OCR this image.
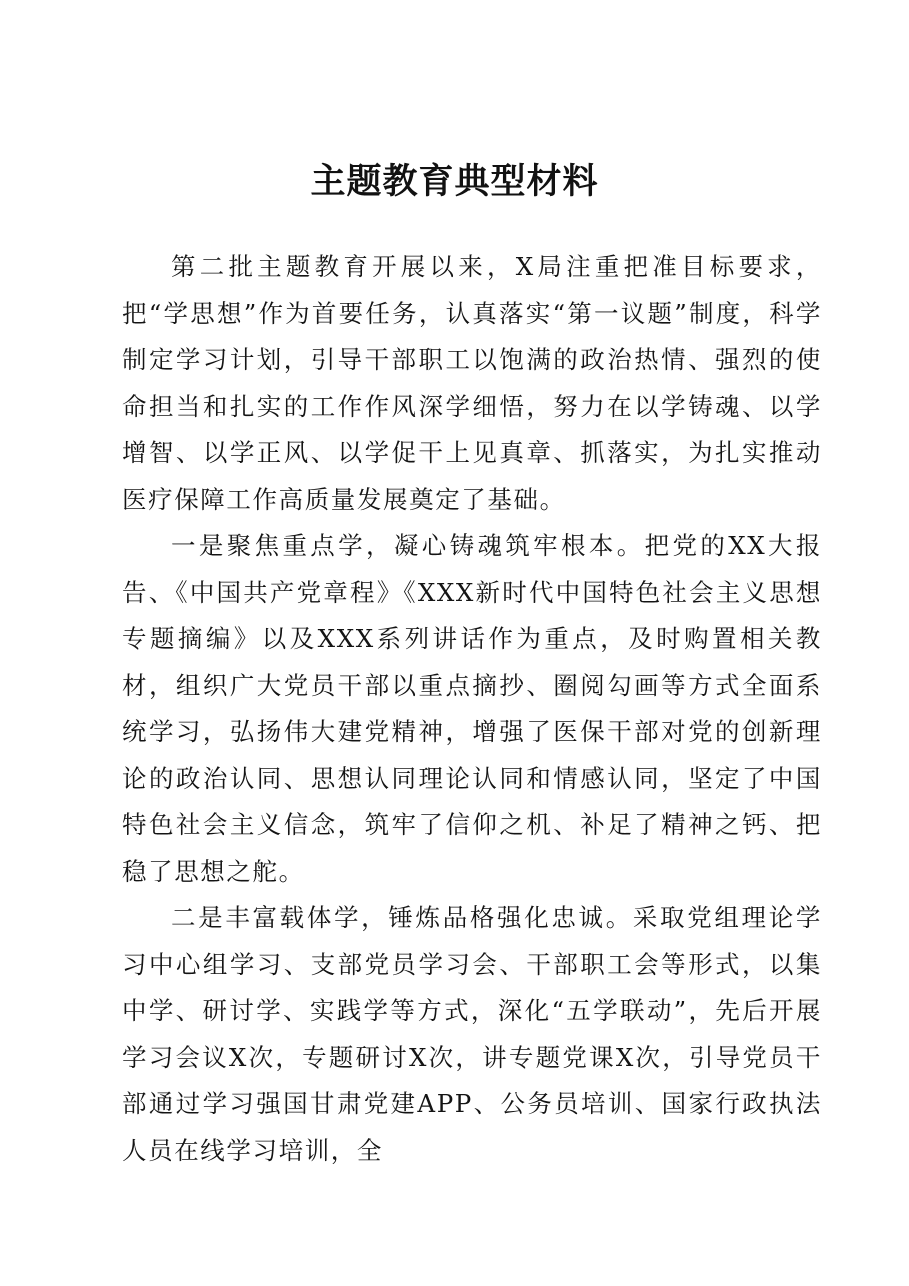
主题教育典型材料

第二批主题教育开展以来，X局注重把准目标要求，把“学思想”作为首要任务，认真落实“第一议题”制度，科学制定学习计划，引导干部职工以饱满的政治热情、强烈的使命担当和扎实的工作作风深学细悟，努力在以学铸魂、以学增智、以学正风、以学促干上见真章、抓落实，为扎实推动医疗保障工作高质量发展奠定了基础。

一是聚焦重点学，凝心铸魂筑牢根本。把党的XX大报告、《中国共产党章程》《XXX新时代中国特色社会主义思想专题摘编》以及XXX系列讲话作为重点，及时购置相关教材，组织广大党员干部以重点摘抄、圈阅勾画等方式全面系统学习，弘扬伟大建党精神，增强了医保干部对党的创新理论的政治认同、思想认同理论认同和情感认同，坚定了中国特色社会主义信念，筑牢了信仰之机、补足了精神之钙、把稳了思想之舵。

二是丰富载体学，锤炼品格强化忠诚。采取党组理论学习中心组学习、支部党员学习会、干部职工会等形式，以集中学、研讨学、实践学等方式，深化“五学联动”，先后开展学习会议X次，专题研讨X次，讲专题党课X次，引导党员干部通过学习强国甘肃党建APP、公务员培训、国家行政执法人员在线学习培训，全
